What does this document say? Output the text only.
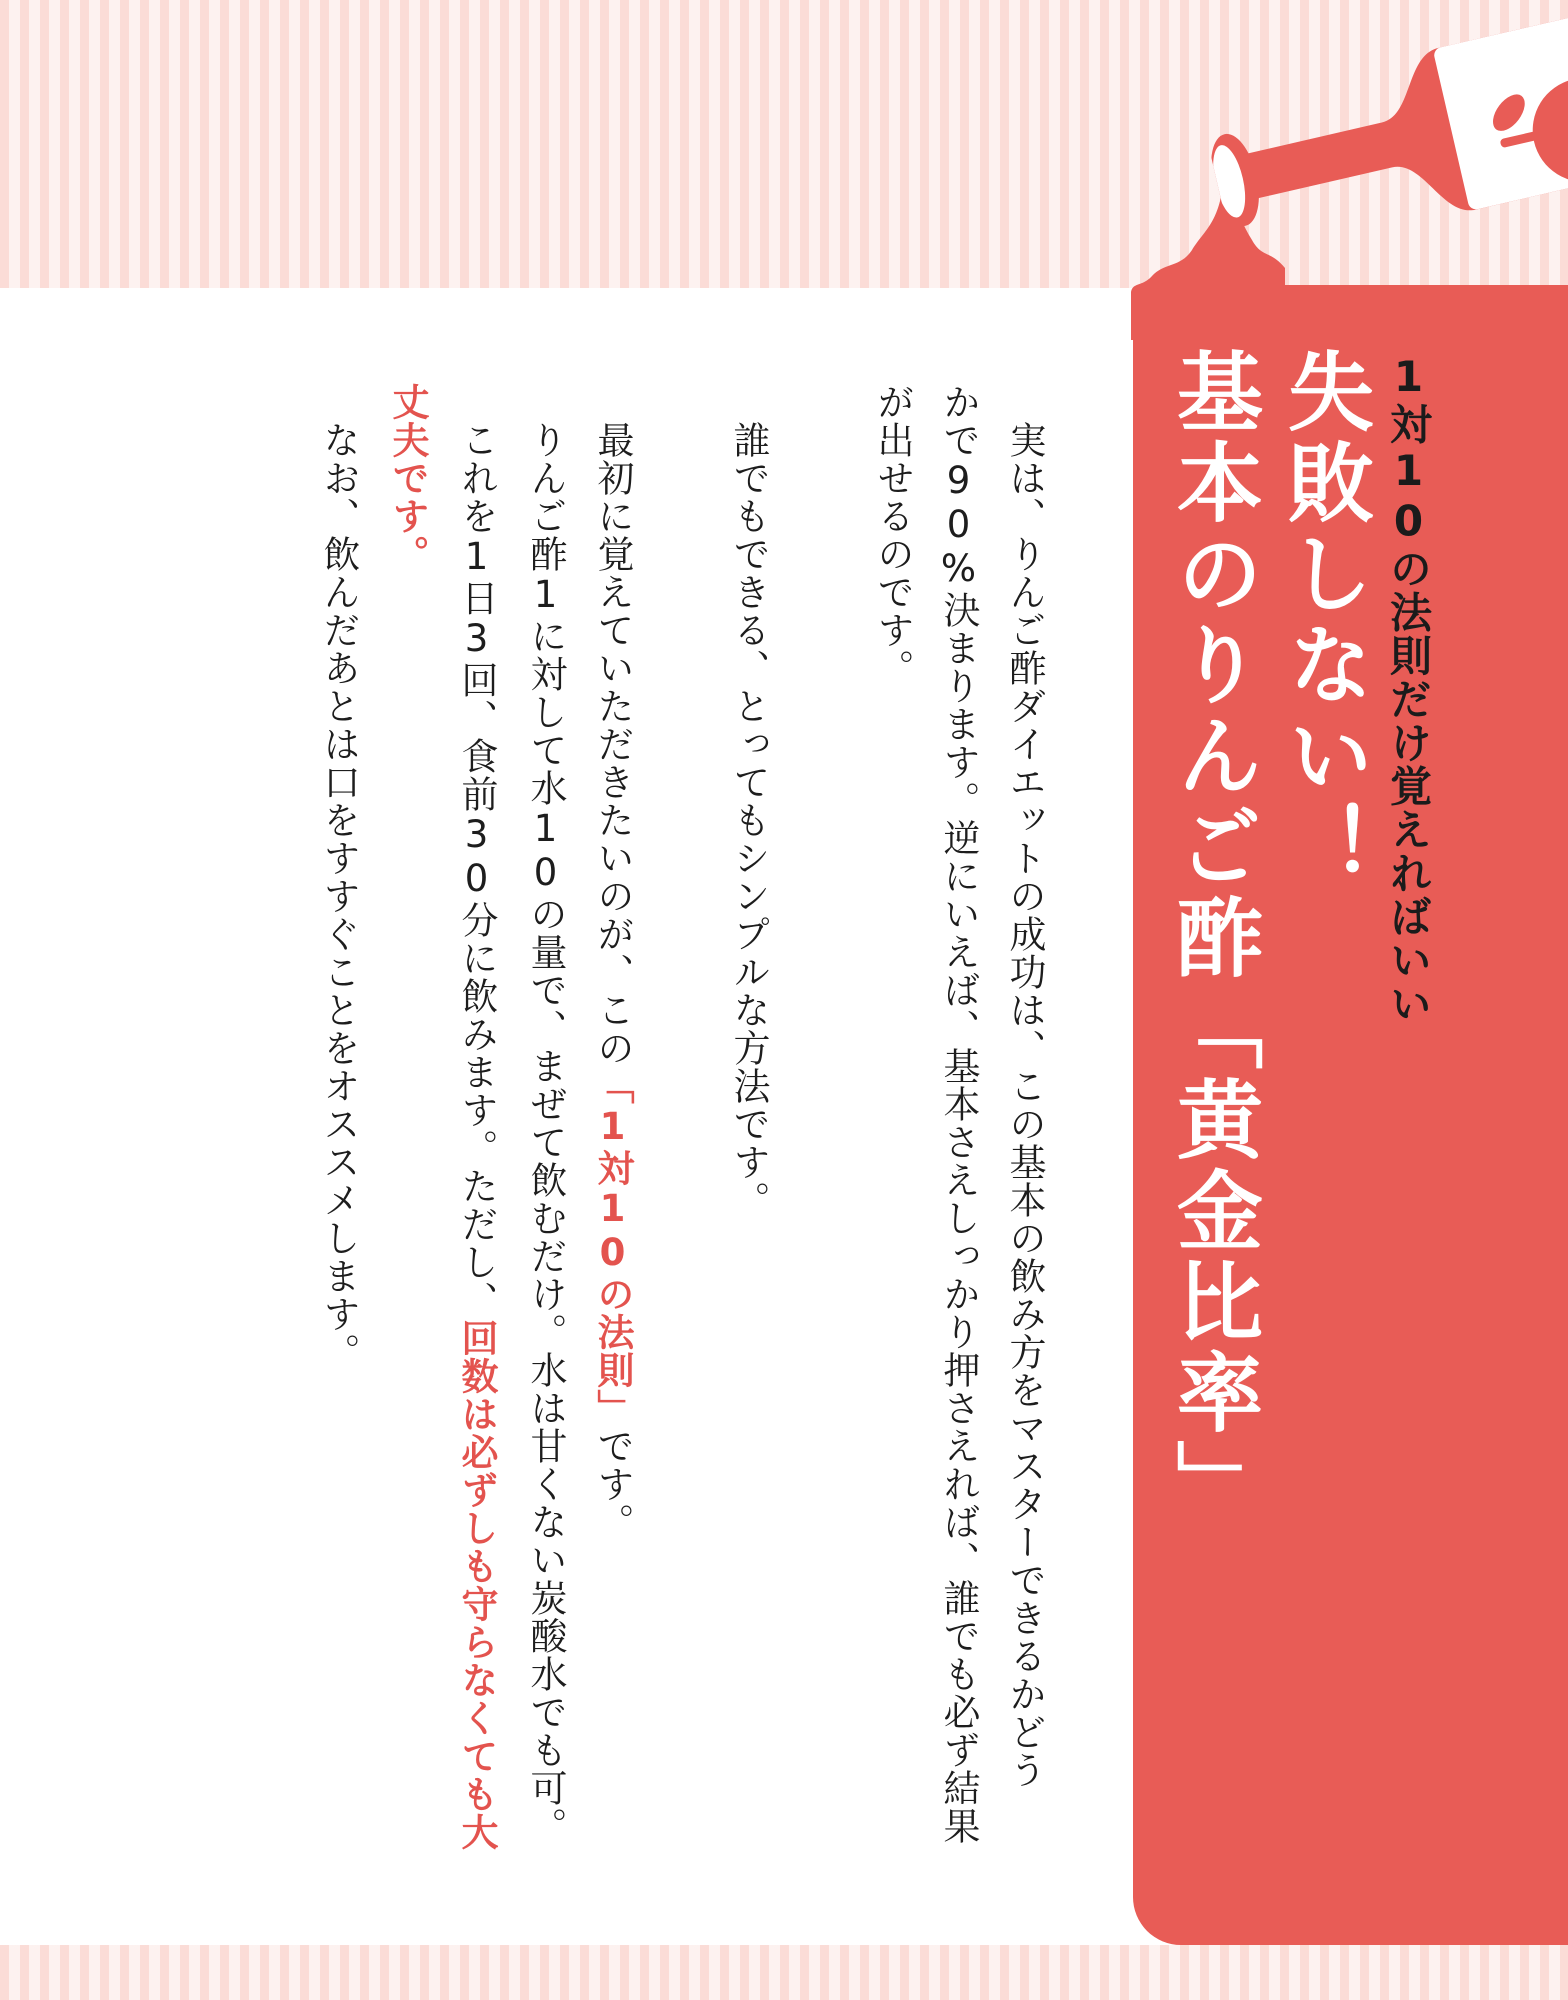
1対10の法則だけ覚えればいい
失敗しない！
基本のりんご酢「黄金比率」
実は、りんご酢ダイエットの成功は、この基本の飲み方をマスターできるかどう
かで90%決まります。逆にいえば、基本さえしっかり押さえれば、誰でも必ず結果
が出せるのです。
誰でもできる、とってもシンプルな方法です。
最初に覚えていただきたいのが、この「1対10の法則」です。
りんご酢1に対して水10の量で、まぜて飲むだけ。水は甘くない炭酸水でも可。
これを1日3回、食前30分に飲みます。ただし、回数は必ずしも守らなくても大
丈夫です。
なお、飲んだあとは口をすすぐことをオススメします。
